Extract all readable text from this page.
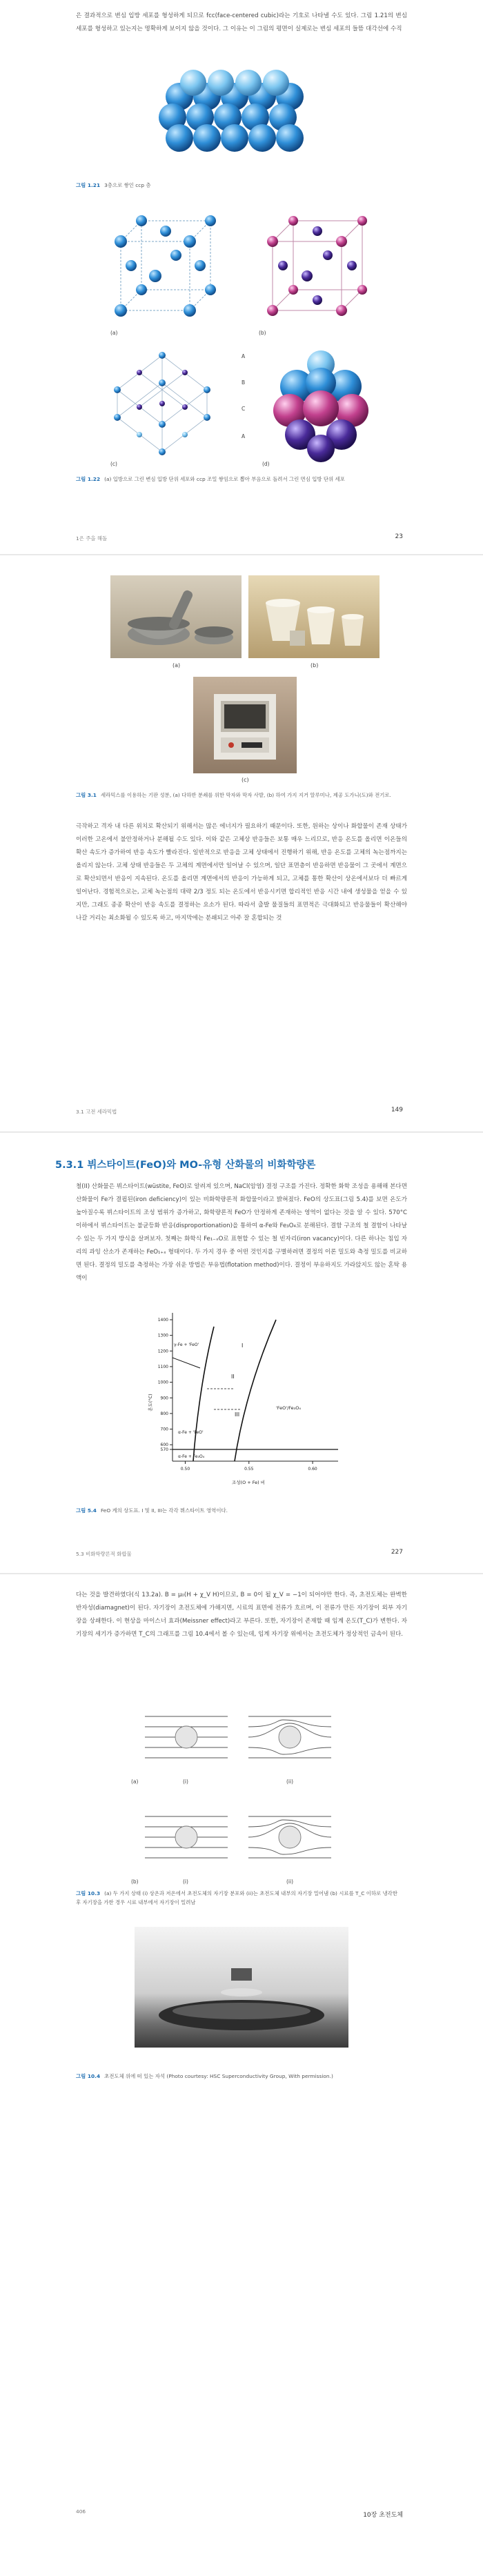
은 결과적으로 변심 입방 세포를 형성하게 되므로 fcc(face-centered cubic)라는 기호로 나타낼 수도 있다. 그림 1.21의 변심 세포를 형성하고 있는지는 명확하게 보이지 않을 것이다. 그 이유는 이 그림의 평면이 실제로는 변심 세포의 들뜸 대각선에 수직

그림 1.21 3층으로 쌓인 ccp 층

(a)	(b)
A
B
C
A
(c)	(d)

그림 1.22 (a) 입방으로 그린 변심 입방 단위 세포와 ccp 조밀 쌓임으로 뽑아 부음으로 돌려서 그린 면심 입방 단위 세포

1은 주을 해돌	23
(a)	(b)
(c)

그림 3.1 세라믹스를 이용하는 기판 성분, (a) 다하반 분쇄를 위한 막자와 막자 사발, (b) 하여 가지 지거 알루미나, 제공 도가니(도)와 전기로.

극작하고 격자 내 다른 위치로 확산되기 위해서는 많은 에너지가 필요하기 때문이다. 또한, 원하는 상이나 화합물이 존재 상태가 이러한 고온에서 불안정하거나 분해될 수도 있다. 이와 같은 고체상 반응들은 보통 매우 느리므로, 반응 온도를 올리면 이온들의 확산 속도가 증가하여 반응 속도가 빨라진다. 일반적으로 반응을 고체 상태에서 진행하기 위해, 반응 온도를 고체의 녹는점까지는 올리지 않는다. 고체 상태 반응들은 두 고체의 계면에서만 일어날 수 있으며, 일단 표면층이 반응하면 반응물이 그 곳에서 계면으로 확산되면서 반응이 지속된다. 온도를 올리면 계면에서의 반응이 가능하게 되고, 고체를 통한 확산이 상온에서보다 더 빠르게 일어난다. 경험적으로는, 고체 녹는점의 대략 2/3 정도 되는 온도에서 반응시키면 합리적인 반응 시간 내에 생성물을 얻을 수 있지만, 그래도 종종 확산이 반응 속도를 결정하는 요소가 된다. 따라서 출발 물질들의 표면적은 극대화되고 반응물들이 확산해야 나갈 거리는 최소화될 수 있도록 하고, 마지막에는 분쇄되고 아주 잘 혼합되는 것

3.1 고전 세라믹법	149
5.3.1 뷔스타이트(FeO)와 MO-유형 산화물의 비화학량론

철(II) 산화물은 뷔스타이트(wüstite, FeO)로 알려져 있으며, NaCl(암염) 결정 구조를 가진다. 정확한 화학 조성을 용해해 본다면 산화물이 Fe가 결핍된(iron deficiency)이 있는 비화학량론적 화합물이라고 밝혀졌다. FeO의 상도표(그림 5.4)를 보면 온도가 높아질수록 뷔스타이트의 조성 범위가 증가하고, 화학량론적 FeO가 안정하게 존재하는 영역이 없다는 것을 알 수 있다. 570°C 이하에서 뷔스타이트는 불균등화 반응(disproportionation)을 통하여 α-Fe와 Fe₃O₄로 분해된다. 결함 구조의 철 결함이 나타날 수 있는 두 가지 방식을 살펴보자. 첫째는 화학식 Fe₁₋ₓO로 표현할 수 있는 철 빈자리(iron vacancy)이다. 다른 하나는 침입 자리의 과잉 산소가 존재하는 FeO₁₊ₓ 형태이다. 두 가지 경우 중 어떤 것인지를 구별하려면 결정의 이론 밀도와 측정 밀도를 비교하면 된다. 결정의 밀도를 측정하는 가장 쉬운 방법은 부유법(flotation method)이다. 결정이 부유하지도 가라앉지도 않는 혼탁 용액이

570
600
700
800
900
1000
1100
1200
1300
1400
0.50	0.55	0.60
I
II
III
γ-Fe + 'FeO'
α-Fe + 'FeO'
α-Fe + Fe₃O₄
'FeO'/Fe₃O₄
온도(°C)
조성(O + Fe) 비

그림 5.4 FeO 계의 상도표. I 및 II, III는 각각 뷔스타이트 영역이다.

5.3 비화학량론적 화합물	227

다는 것을 발견하였다(식 13.2a). B = μ₀(H + χ_V H)이므로, B = 0이 될 χ_V = −1이 되어야만 한다. 즉, 초전도체는 완벽한 반자성(diamagnet)이 된다. 자기장이 초전도체에 가해지면, 시료의 표면에 전류가 흐르며, 이 전류가 만든 자기장이 외부 자기장을 상쇄한다. 이 현상을 마이스너 효과(Meissner effect)라고 부른다. 또한, 자기장이 존재할 때 임계 온도(T_C)가 변한다. 자기장의 세기가 증가하면 T_C의 그래프를 그림 10.4에서 볼 수 있는데, 임계 자기장 위에서는 초전도체가 정상적인 금속이 된다.

(a)	(i)	(ii)
(b)	(i)	(ii)

그림 10.3 (a) 두 가지 상태 (i) 상온과 저온에서 초전도체의 자기장 분포와 (ii)는 초전도체 내부의 자기장 밀어냄 (b) 시료를 T_C 이하로 냉각한 후 자기장을 가한 경우 시료 내부에서 자기장이 밀려남

그림 10.4 초전도체 위에 떠 있는 자석 (Photo courtesy: HSC Superconductivity Group, With permission.)

10장 초전도체
406
